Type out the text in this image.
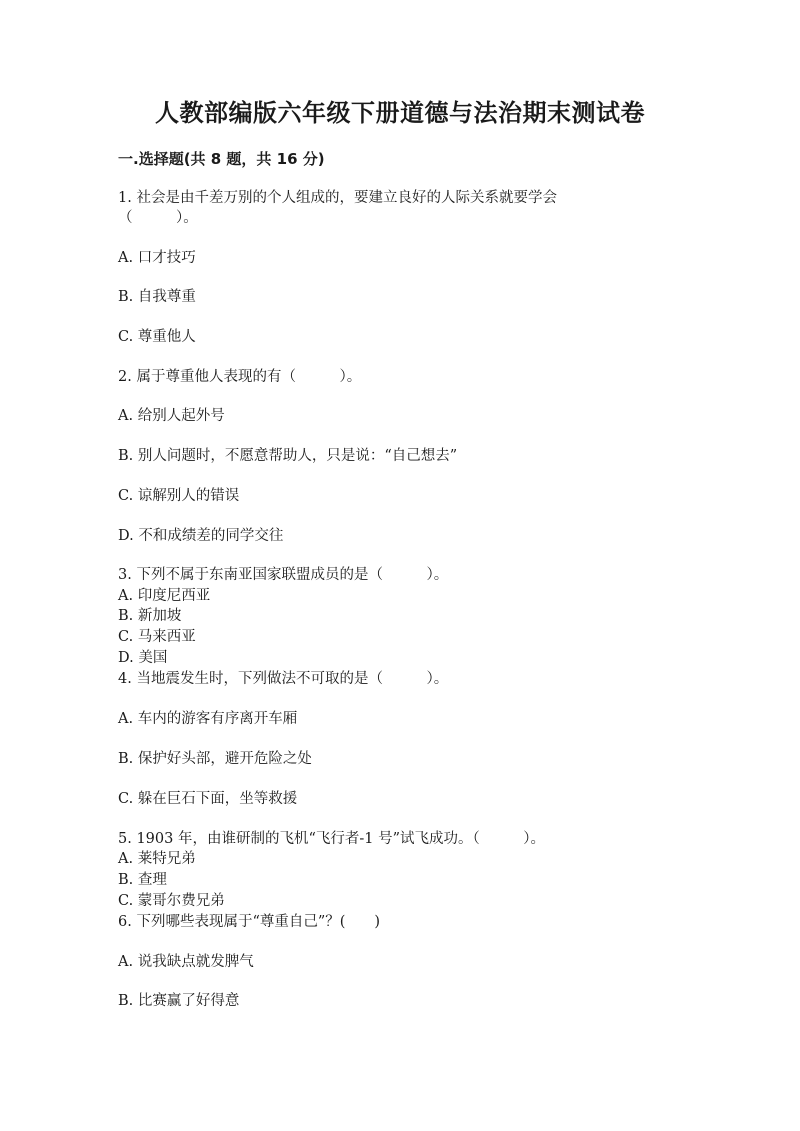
人教部编版六年级下册道德与法治期末测试卷
一.选择题(共 8 题，共 16 分)
1. 社会是由千差万别的个人组成的，要建立良好的人际关系就要学会
（　　　）。
A. 口才技巧
B. 自我尊重
C. 尊重他人
2. 属于尊重他人表现的有（　　　）。
A. 给别人起外号
B. 别人问题时，不愿意帮助人，只是说：“自己想去”
C. 谅解别人的错误
D. 不和成绩差的同学交往
3. 下列不属于东南亚国家联盟成员的是（　　　）。
A. 印度尼西亚
B. 新加坡
C. 马来西亚
D. 美国
4. 当地震发生时，下列做法不可取的是（　　　）。
A. 车内的游客有序离开车厢
B. 保护好头部，避开危险之处
C. 躲在巨石下面，坐等救援
5. 1903 年，由谁研制的飞机“飞行者-1 号”试飞成功。（　　　）。
A. 莱特兄弟
B. 查理
C. 蒙哥尔费兄弟
6. 下列哪些表现属于“尊重自己”？(　　)
A. 说我缺点就发脾气
B. 比赛赢了好得意
